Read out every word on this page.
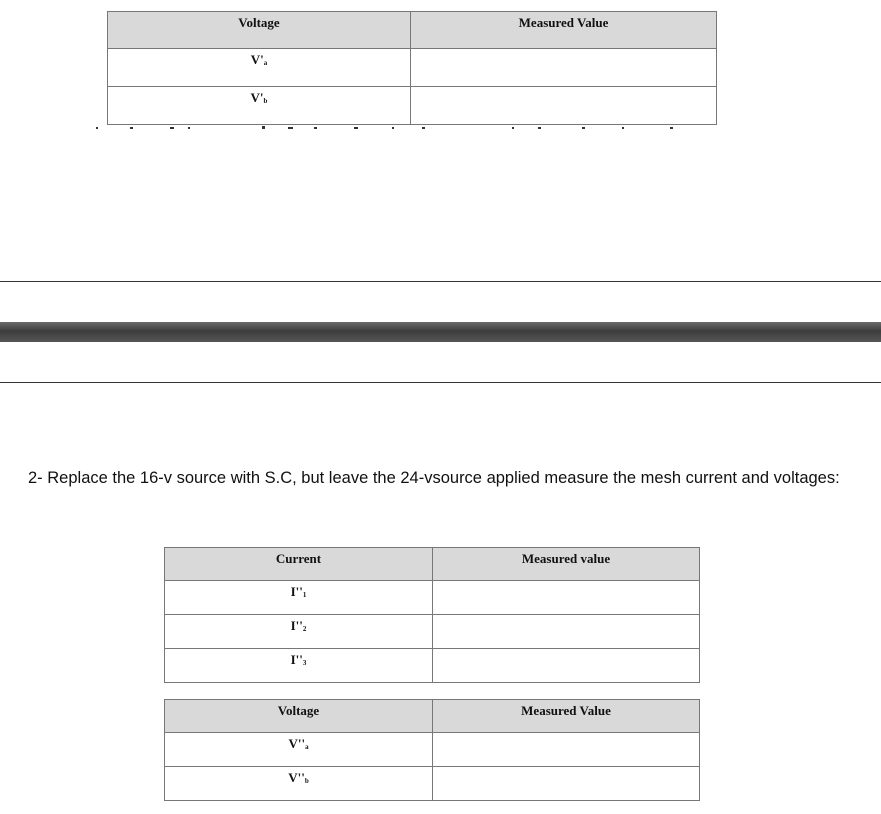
Voltage	Measured Value
V'a	
V'b	
2- Replace the 16-v source with S.C, but leave the 24-vsource applied measure the mesh current and voltages:
Current	Measured value
I''1	
I''2	
I''3	
Voltage	Measured Value
V''a	
V''b	
